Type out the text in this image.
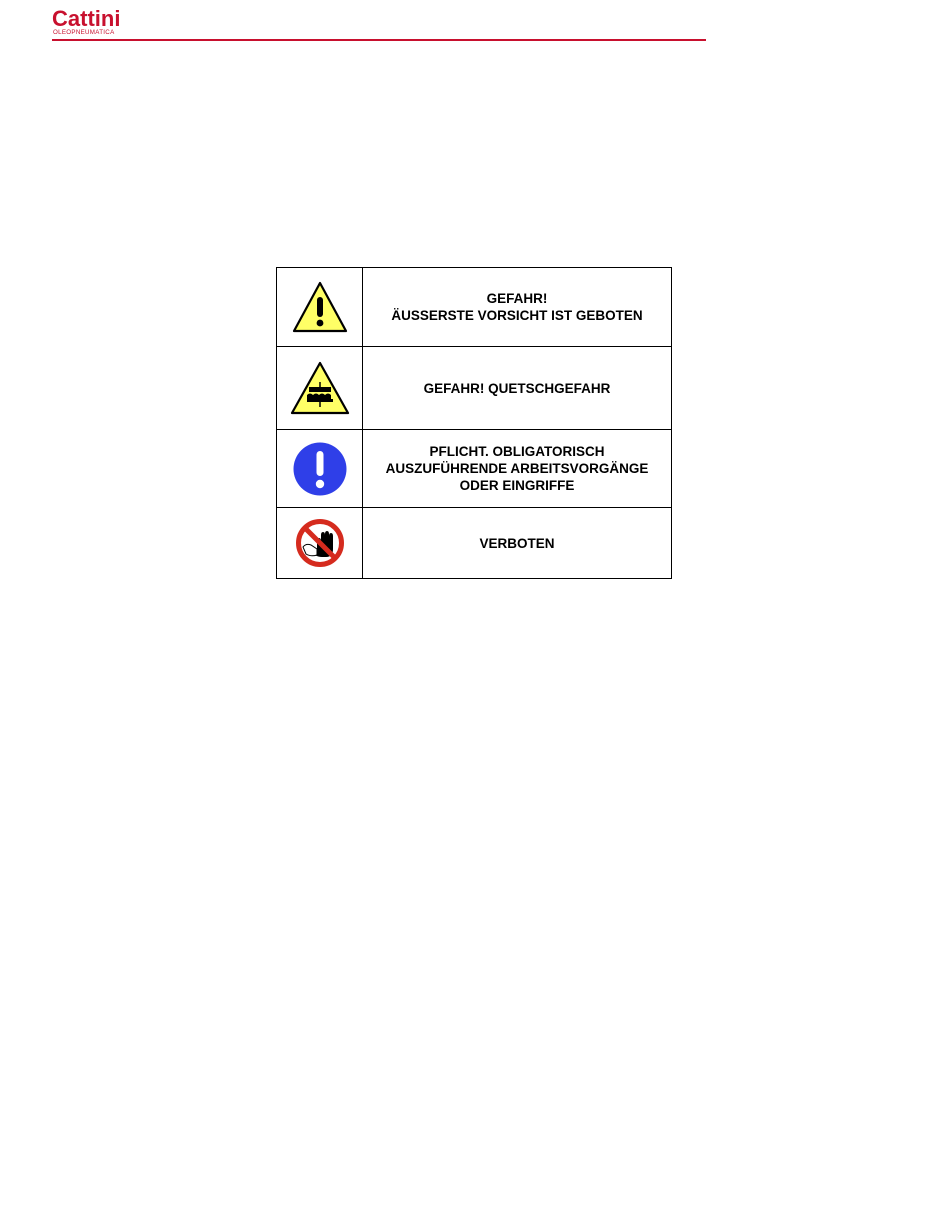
Cattini
OLEOPNEUMATICA

GEFAHR!
ÄUSSERSTE VORSICHT IST GEBOTEN

GEFAHR! QUETSCHGEFAHR

PFLICHT. OBLIGATORISCH
AUSZUFÜHRENDE ARBEITSVORGÄNGE
ODER EINGRIFFE

VERBOTEN
